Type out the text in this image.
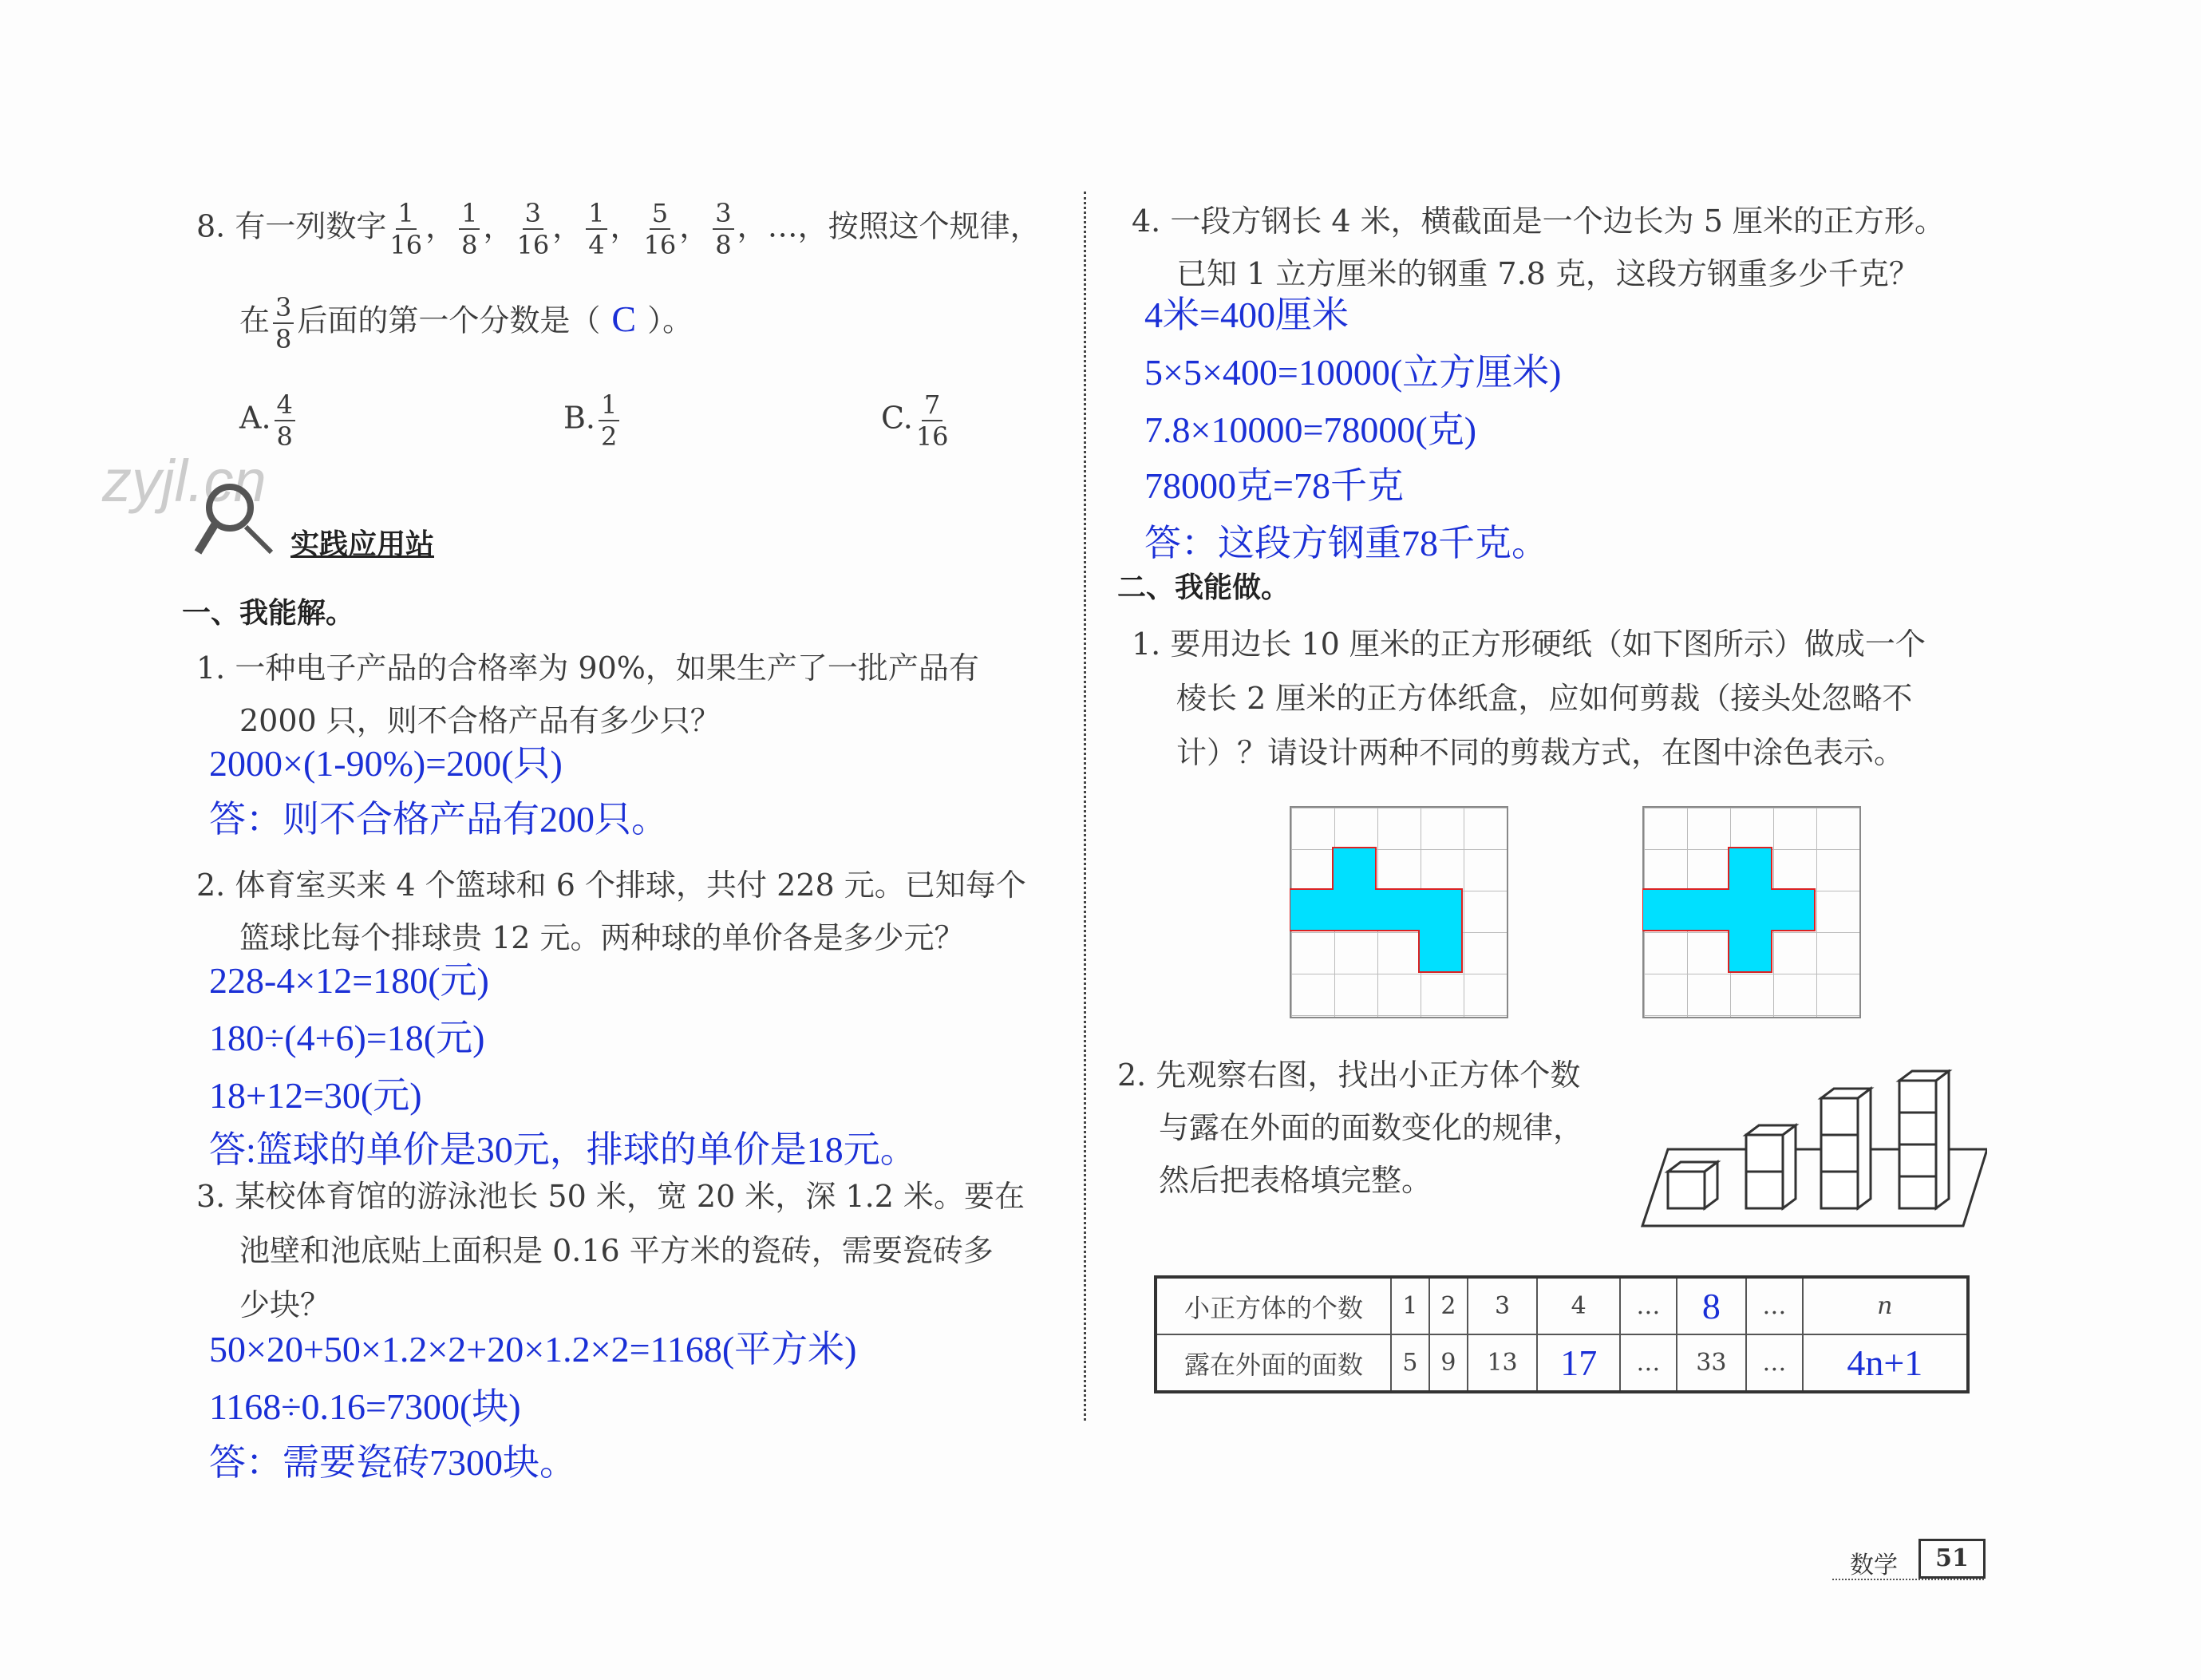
zyjl.cn
8. 有一列数字 $\frac{1}{16}$ ， $\frac{1}{8}$ ， $\frac{3}{16}$ ， $\frac{1}{4}$ ， $\frac{5}{16}$ ， $\frac{3}{8}$ ，…，按照这个规律，
在 $\frac{3}{8}$ 后面的第一个分数是（ C ）。
A. $\frac{4}{8}$	B. $\frac{1}{2}$	C. $\frac{7}{16}$
实践应用站
一、我能解。
1. 一种电子产品的合格率为 90%，如果生产了一批产品有
2000 只，则不合格产品有多少只？
2000×(1-90%)=200(只)
答：则不合格产品有200只。
2. 体育室买来 4 个篮球和 6 个排球，共付 228 元。已知每个
篮球比每个排球贵 12 元。两种球的单价各是多少元？
228-4×12=180(元)
180÷(4+6)=18(元)
18+12=30(元)
答:篮球的单价是30元，排球的单价是18元。
3. 某校体育馆的游泳池长 50 米，宽 20 米，深 1.2 米。要在
池壁和池底贴上面积是 0.16 平方米的瓷砖，需要瓷砖多
少块？
50×20+50×1.2×2+20×1.2×2=1168(平方米)
1168÷0.16=7300(块)
答：需要瓷砖7300块。
4. 一段方钢长 4 米，横截面是一个边长为 5 厘米的正方形。
已知 1 立方厘米的钢重 7.8 克，这段方钢重多少千克？
4米=400厘米
5×5×400=10000(立方厘米)
7.8×10000=78000(克)
78000克=78千克
答：这段方钢重78千克。
二、我能做。
1. 要用边长 10 厘米的正方形硬纸（如下图所示）做成一个
棱长 2 厘米的正方体纸盒，应如何剪裁（接头处忽略不
计）？请设计两种不同的剪裁方式，在图中涂色表示。
2. 先观察右图，找出小正方体个数
与露在外面的面数变化的规律，
然后把表格填完整。
小正方体的个数	1	2	3	4	…	8	…	n
露在外面的面数	5	9	13	17	…	33	…	4n+1
数学	51
